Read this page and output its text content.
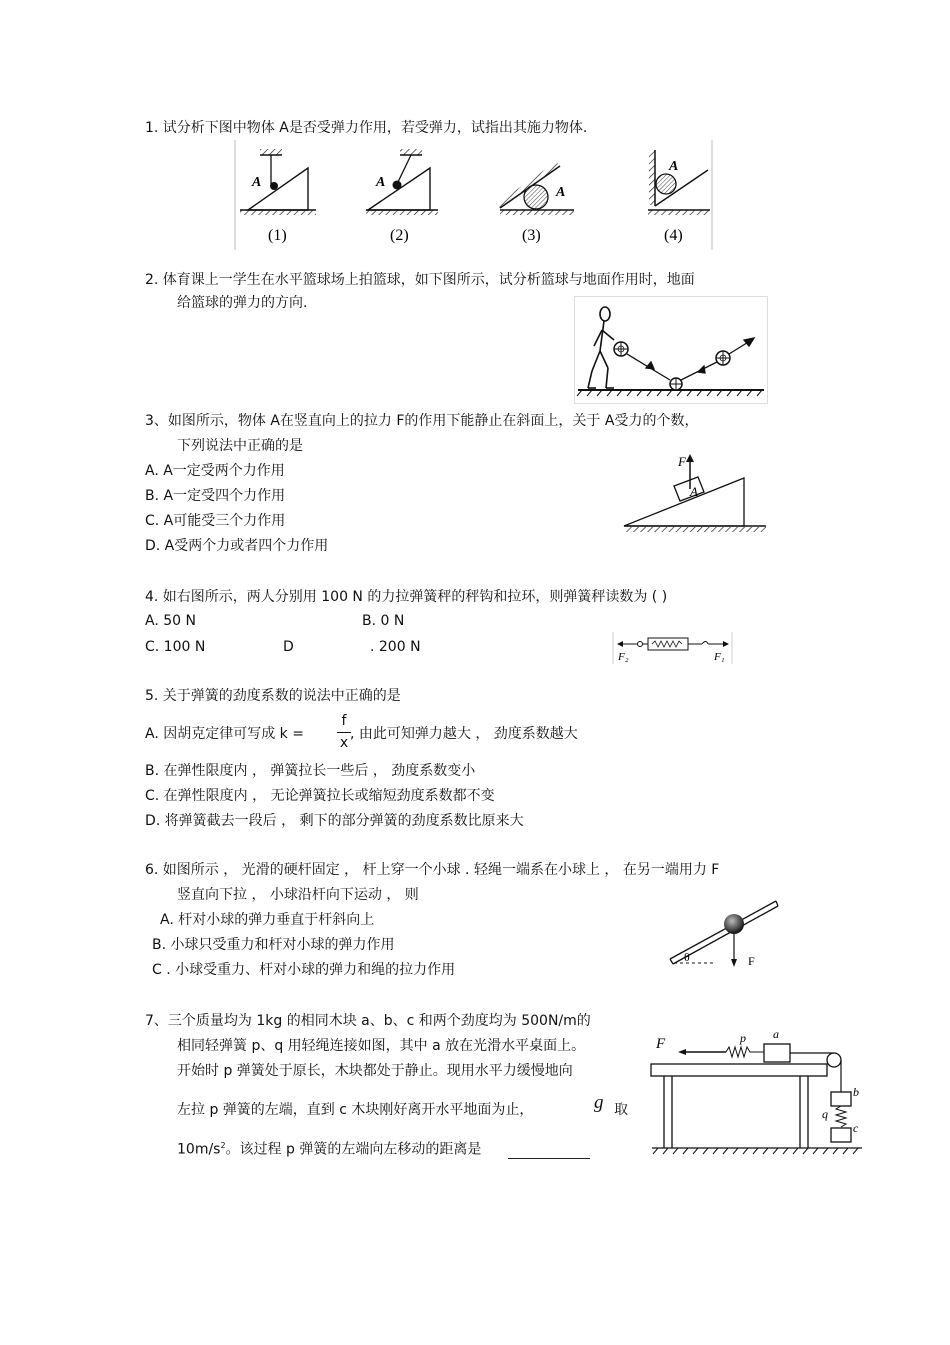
1. 试分析下图中物体 A是否受弹力作用，若受弹力，试指出其施力物体.
A
(1)
A
(2)
A
(3)
A
(4)
2. 体育课上一学生在水平篮球场上拍篮球，如下图所示，试分析篮球与地面作用时，地面
给篮球的弹力的方向.
3、如图所示，物体 A在竖直向上的拉力 F的作用下能静止在斜面上，关于 A受力的个数，
下列说法中正确的是
A. A一定受两个力作用
B. A一定受四个力作用
C. A可能受三个力作用
D. A受两个力或者四个力作用
A
F
4. 如右图所示，两人分别用 100 N 的力拉弹簧秤的秤钩和拉环，则弹簧秤读数为 ( )
A. 50 N	B. 0 N
C. 100 N	D	. 200 N
F₂	F₁
5. 关于弹簧的劲度系数的说法中正确的是
A. 因胡克定律可写成 k =
f
x
, 由此可知弹力越大 ， 劲度系数越大
B. 在弹性限度内 ， 弹簧拉长一些后 ， 劲度系数变小
C. 在弹性限度内 ， 无论弹簧拉长或缩短劲度系数都不变
D. 将弹簧截去一段后 ， 剩下的部分弹簧的劲度系数比原来大
6. 如图所示 ， 光滑的硬杆固定 ， 杆上穿一个小球 . 轻绳一端系在小球上 ， 在另一端用力 F
竖直向下拉 ， 小球沿杆向下运动 ， 则
A. 杆对小球的弹力垂直于杆斜向上
B. 小球只受重力和杆对小球的弹力作用
C . 小球受重力、杆对小球的弹力和绳的拉力作用
F
θ
7、三个质量均为 1kg 的相同木块 a、b、c 和两个劲度均为 500N/m的
相同轻弹簧 p、q 用轻绳连接如图，其中 a 放在光滑水平桌面上。
开始时 p 弹簧处于原长，木块都处于静止。现用水平力缓慢地向
左拉 p 弹簧的左端，直到 c 木块刚好离开水平地面为止，	g 取
$10m/s^2$。该过程 p 弹簧的左端向左移动的距离是
F	p a
b
q
c
